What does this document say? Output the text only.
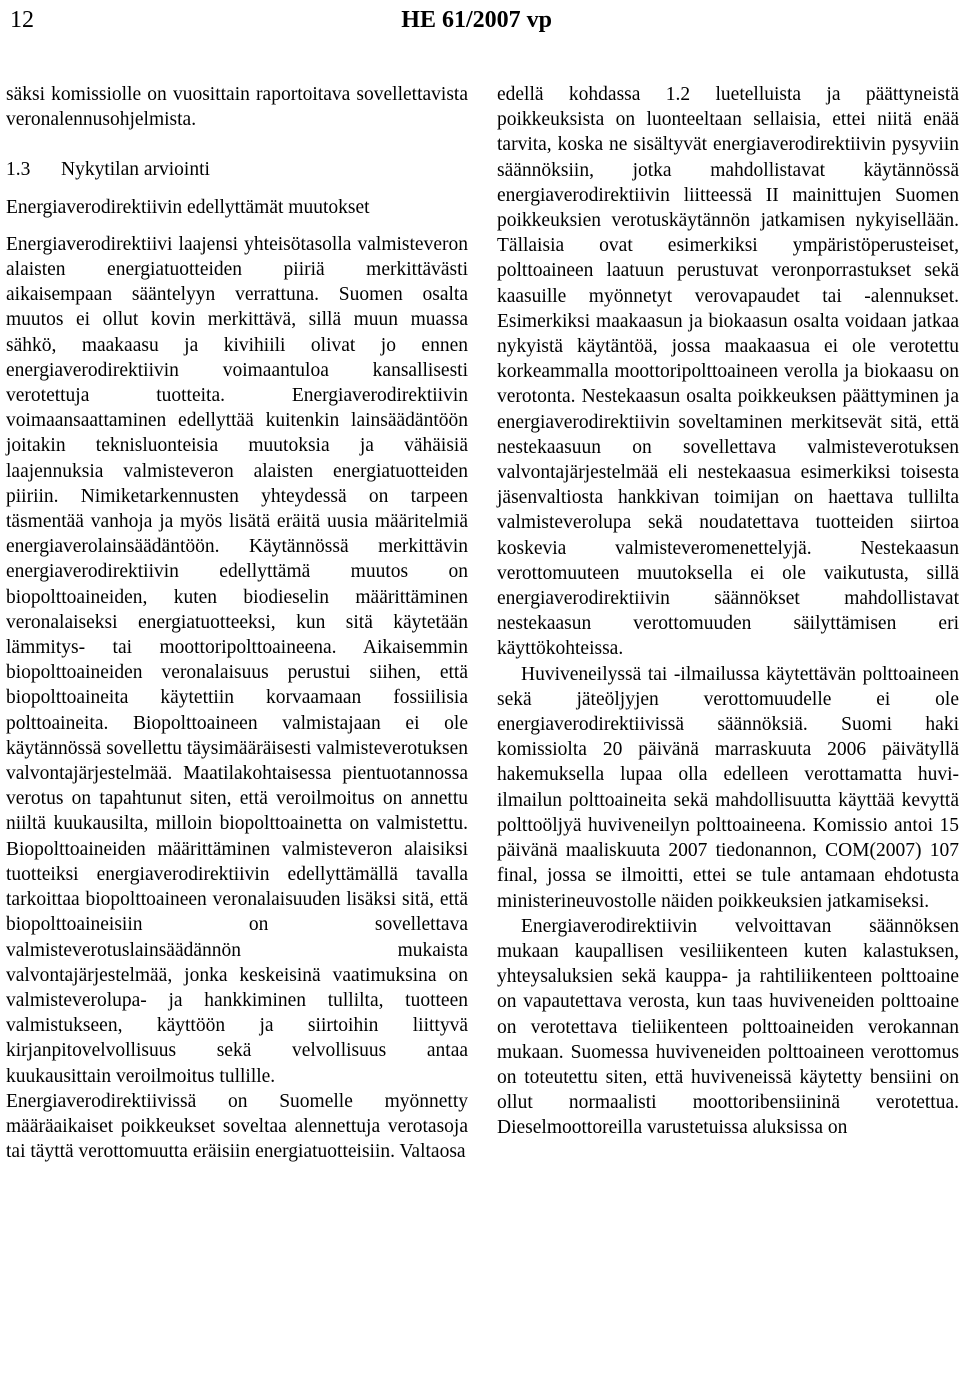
12	HE 61/2007 vp

säksi komissiolle on vuosittain raportoitava sovellettavista veronalennusohjelmista.

1.3 Nykytilan arviointi

Energiaverodirektiivin edellyttämät muutokset

Energiaverodirektiivi laajensi yhteisötasolla valmisteveron alaisten energiatuotteiden piiriä merkittävästi aikaisempaan sääntelyyn verrattuna. Suomen osalta muutos ei ollut kovin merkittävä, sillä muun muassa sähkö, maakaasu ja kivihiili olivat jo ennen energiaverodirektiivin voimaantuloa kansallisesti verotettuja tuotteita. Energiaverodirektiivin voimaansaattaminen edellyttää kuitenkin lainsäädäntöön joitakin teknisluonteisia muutoksia ja vähäisiä laajennuksia valmisteveron alaisten energiatuotteiden piiriin. Nimiketarkennusten yhteydessä on tarpeen täsmentää vanhoja ja myös lisätä eräitä uusia määritelmiä energiaverolainsäädäntöön. Käytännössä merkittävin energiaverodirektiivin edellyttämä muutos on biopolttoaineiden, kuten biodieselin määrittäminen veronalaiseksi energiatuotteeksi, kun sitä käytetään lämmitys- tai moottoripolttoaineena. Aikaisemmin biopolttoaineiden veronalaisuus perustui siihen, että biopolttoaineita käytettiin korvaamaan fossiilisia polttoaineita. Biopolttoaineen valmistajaan ei ole käytännössä sovellettu täysimääräisesti valmisteverotuksen valvontajärjestelmää. Maatilakohtaisessa pientuotannossa verotus on tapahtunut siten, että veroilmoitus on annettu niiltä kuukausilta, milloin biopolttoainetta on valmistettu. Biopolttoaineiden määrittäminen valmisteveron alaisiksi tuotteiksi energiaverodirektiivin edellyttämällä tavalla tarkoittaa biopolttoaineen veronalaisuuden lisäksi sitä, että biopolttoaineisiin on sovellettava valmisteverotuslainsäädännön mukaista valvontajärjestelmää, jonka keskeisinä vaatimuksina on valmisteverolupa- ja hankkiminen tullilta, tuotteen valmistukseen, käyttöön ja siirtoihin liittyvä kirjanpitovelvollisuus sekä velvollisuus antaa kuukausittain veroilmoitus tullille.

Energiaverodirektiivissä on Suomelle myönnetty määräaikaiset poikkeukset soveltaa alennettuja verotasoja tai täyttä verottomuutta eräisiin energiatuotteisiin. Valtaosa

edellä kohdassa 1.2 luetelluista ja päättyneistä poikkeuksista on luonteeltaan sellaisia, ettei niitä enää tarvita, koska ne sisältyvät energiaverodirektiivin pysyviin säännöksiin, jotka mahdollistavat käytännössä energiaverodirektiivin liitteessä II mainittujen Suomen poikkeuksien verotuskäytännön jatkamisen nykyisellään. Tällaisia ovat esimerkiksi ympäristöperusteiset, polttoaineen laatuun perustuvat veronporrastukset sekä kaasuille myönnetyt verovapaudet tai -alennukset. Esimerkiksi maakaasun ja biokaasun osalta voidaan jatkaa nykyistä käytäntöä, jossa maakaasua ei ole verotettu korkeammalla moottoripolttoaineen verolla ja biokaasu on verotonta. Nestekaasun osalta poikkeuksen päättyminen ja energiaverodirektiivin soveltaminen merkitsevät sitä, että nestekaasuun on sovellettava valmisteverotuksen valvontajärjestelmää eli nestekaasua esimerkiksi toisesta jäsenvaltiosta hankkivan toimijan on haettava tullilta valmisteverolupa sekä noudatettava tuotteiden siirtoa koskevia valmisteveromenettelyjä. Nestekaasun verottomuuteen muutoksella ei ole vaikutusta, sillä energiaverodirektiivin säännökset mahdollistavat nestekaasun verottomuuden säilyttämisen eri käyttökohteissa.

Huviveneilyssä tai -ilmailussa käytettävän polttoaineen sekä jäteöljyjen verottomuudelle ei ole energiaverodirektiivissä säännöksiä. Suomi haki komissiolta 20 päivänä marraskuuta 2006 päivätyllä hakemuksella lupaa olla edelleen verottamatta huvi-ilmailun polttoaineita sekä mahdollisuutta käyttää kevyttä polttoöljyä huviveneilyn polttoaineena. Komissio antoi 15 päivänä maaliskuuta 2007 tiedonannon, COM(2007) 107 final, jossa se ilmoitti, ettei se tule antamaan ehdotusta ministerineuvostolle näiden poikkeuksien jatkamiseksi.

Energiaverodirektiivin velvoittavan säännöksen mukaan kaupallisen vesiliikenteen kuten kalastuksen, yhteysaluksien sekä kauppa- ja rahtiliikenteen polttoaine on vapautettava verosta, kun taas huviveneiden polttoaine on verotettava tieliikenteen polttoaineiden verokannan mukaan. Suomessa huviveneiden polttoaineen verottomus on toteutettu siten, että huviveneissä käytetty bensiini on ollut normaalisti moottoribensiininä verotettua. Dieselmoottoreilla varustetuissa aluksissa on
